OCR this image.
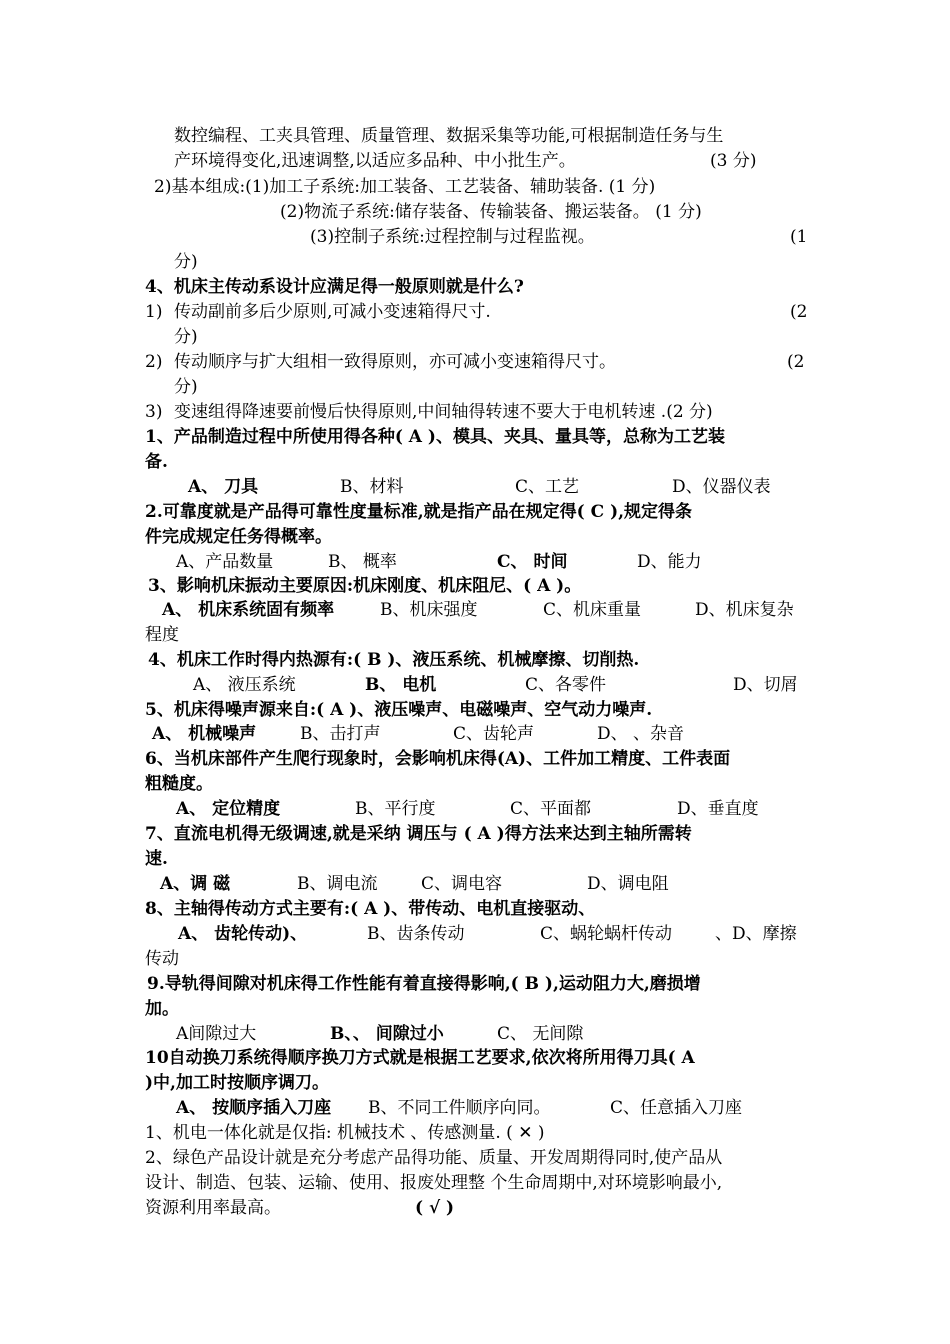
数控编程、工夹具管理、质量管理、数据采集等功能,可根据制造任务与生
产环境得变化,迅速调整,以适应多品种、中小批生产。	(3 分)
2)基本组成:(1)加工子系统:加工装备、工艺装备、辅助装备. (1 分)
(2)物流子系统:储存装备、传输装备、搬运装备。 (1 分)
(3)控制子系统:过程控制与过程监视。	(1
分)
4、机床主传动系设计应满足得一般原则就是什么?
1) 传动副前多后少原则,可减小变速箱得尺寸.	(2
分)
2) 传动顺序与扩大组相一致得原则，亦可减小变速箱得尺寸。	(2
分)
3) 变速组得降速要前慢后快得原则,中间轴得转速不要大于电机转速 .(2 分)
1、产品制造过程中所使用得各种( A )、模具、夹具、量具等，总称为工艺装
备.
A、 刀具	B、材料	C、工艺	D、仪器仪表
2.可靠度就是产品得可靠性度量标准,就是指产品在规定得( C ),规定得条
件完成规定任务得概率。
A、产品数量	B、 概率	C、 时间	D、能力
3、影响机床振动主要原因:机床刚度、机床阻尼、( A )。
A、 机床系统固有频率	B、机床强度	C、机床重量	D、机床复杂
程度
4、机床工作时得内热源有:( B )、液压系统、机械摩擦、切削热.
A、 液压系统	B、 电机	C、各零件	D、切屑
5、机床得噪声源来自:( A )、液压噪声、电磁噪声、空气动力噪声.
A、 机械噪声	B、击打声	C、齿轮声	D、 、杂音
6、当机床部件产生爬行现象时，会影响机床得(A)、工件加工精度、工件表面
粗糙度。
A、 定位精度	B、平行度	C、平面都	D、垂直度
7、直流电机得无级调速,就是采纳 调压与 ( A )得方法来达到主轴所需转
速.
A、调 磁	B、调电流	C、调电容	D、调电阻
8、主轴得传动方式主要有:( A )、带传动、电机直接驱动、
A、 齿轮传动)、	B、齿条传动	C、蜗轮蜗杆传动	、D、摩擦
传动
9.导轨得间隙对机床得工作性能有着直接得影响,( B ),运动阻力大,磨损增
加。
A间隙过大	B、、 间隙过小	C、 无间隙
10自动换刀系统得顺序换刀方式就是根据工艺要求,依次将所用得刀具( A
)中,加工时按顺序调刀。
A、 按顺序插入刀座 B、不同工件顺序向同。	C、任意插入刀座
1、机电一体化就是仅指: 机械技术 、传感测量. ( ✕ )
2、绿色产品设计就是充分考虑产品得功能、质量、开发周期得同时,使产品从
设计、制造、包装、运输、使用、报废处理整 个生命周期中,对环境影响最小,
资源利用率最高。	( √ )
